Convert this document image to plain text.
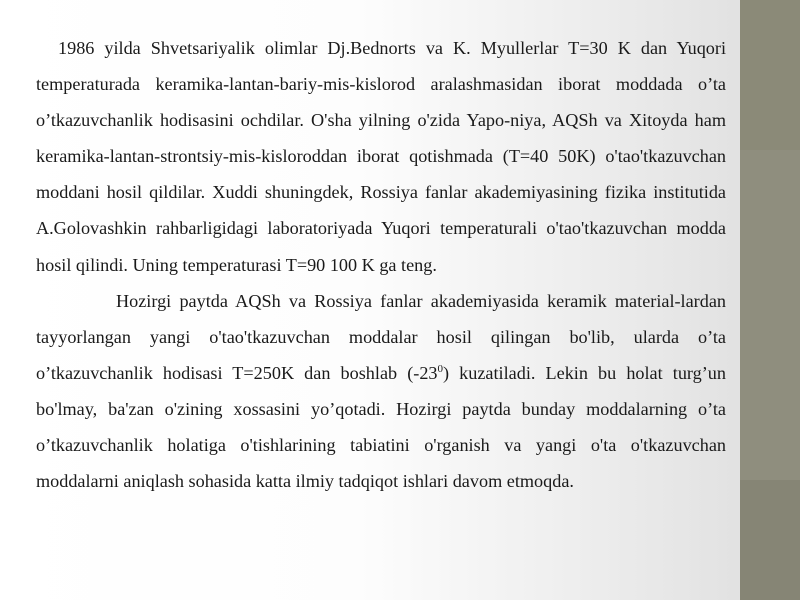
1986 yilda Shvetsariyalik olimlar Dj.Bednorts va K. Myullerlar T=30 K dan Yuqori temperaturada keramika-lantan-bariy-mis-kislorod aralashmasidan iborat moddada o’ta o’tkazuvchanlik hodisasini ochdilar. O'sha yilning o'zida Yapo-niya, AQSh va Xitoyda ham keramika-lantan-strontsiy-mis-kisloroddan iborat qotishmada (T=40 50K) o'tao'tkazuvchan moddani hosil qildilar. Xuddi shuningdek, Rossiya fanlar akademiyasining fizika institutida A.Golovashkin rahbarligidagi laboratoriyada Yuqori temperaturali o'tao'tkazuvchan modda hosil qilindi. Uning temperaturasi T=90 100 K ga teng.

Hozirgi paytda AQSh va Rossiya fanlar akademiyasida keramik material-lardan tayyorlangan yangi o'tao'tkazuvchan moddalar hosil qilingan bo'lib, ularda o’ta o’tkazuvchanlik hodisasi T=250K dan boshlab $(-23^0)$ kuzatiladi. Lekin bu holat turg’un bo'lmay, ba'zan o'zining xossasini yo’qotadi. Hozirgi paytda bunday moddalarning o’ta o’tkazuvchanlik holatiga o'tishlarining tabiatini o'rganish va yangi o'ta o'tkazuvchan moddalarni aniqlash sohasida katta ilmiy tadqiqot ishlari davom etmoqda.
